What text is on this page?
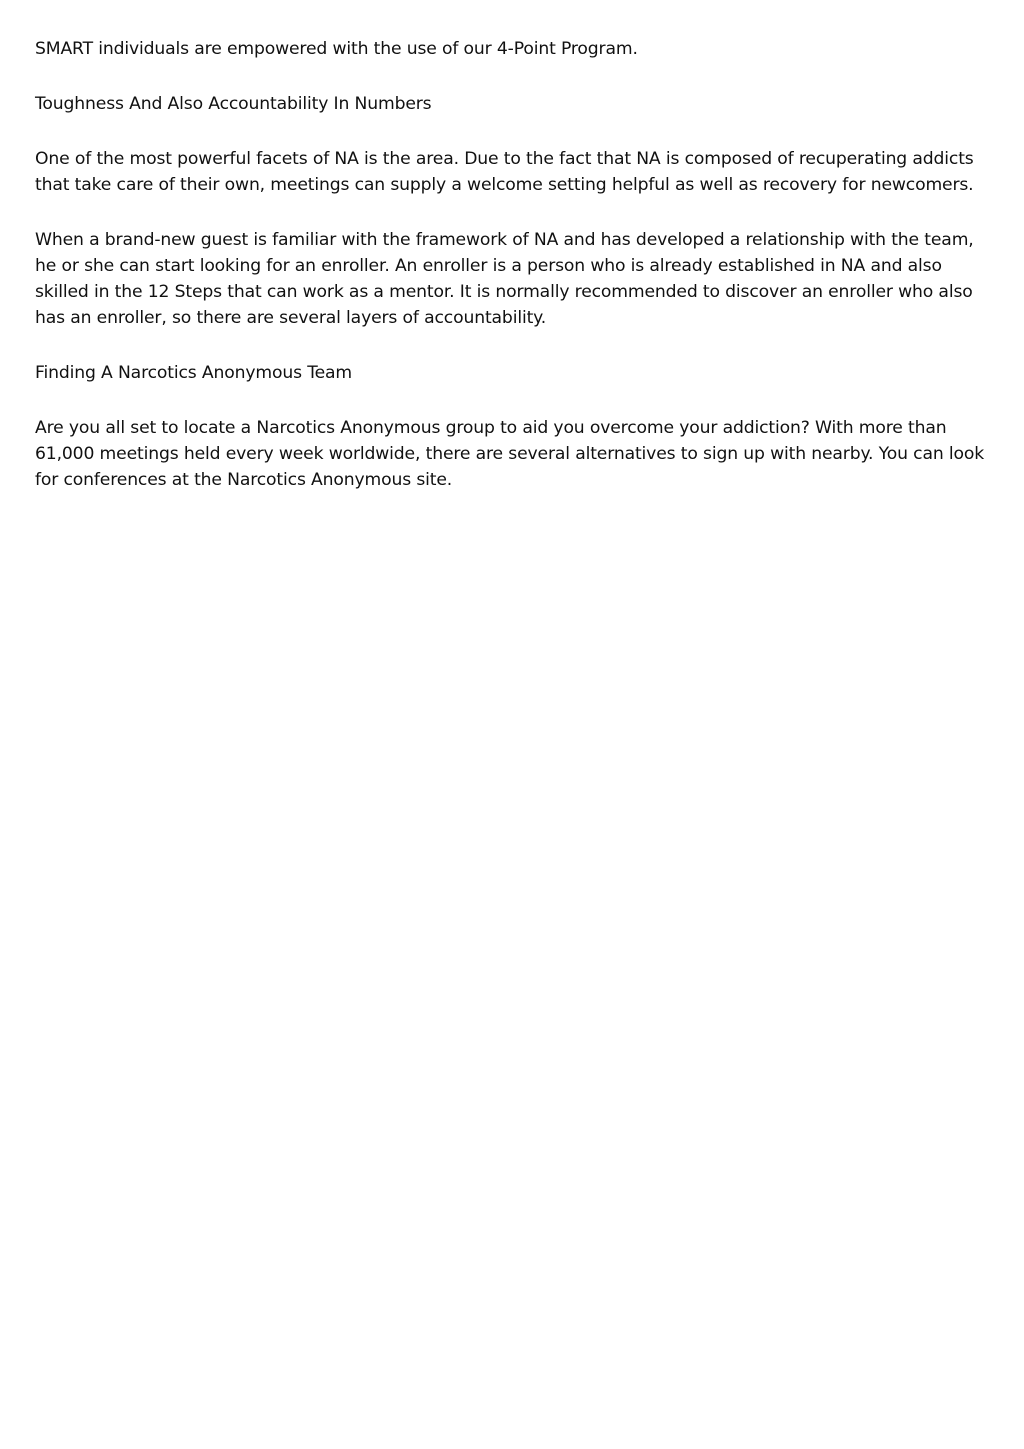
SMART individuals are empowered with the use of our 4-Point Program.

Toughness And Also Accountability In Numbers

One of the most powerful facets of NA is the area. Due to the fact that NA is composed of recuperating addicts that take care of their own, meetings can supply a welcome setting helpful as well as recovery for newcomers.

When a brand-new guest is familiar with the framework of NA and has developed a relationship with the team, he or she can start looking for an enroller. An enroller is a person who is already established in NA and also skilled in the 12 Steps that can work as a mentor. It is normally recommended to discover an enroller who also has an enroller, so there are several layers of accountability.

Finding A Narcotics Anonymous Team

Are you all set to locate a Narcotics Anonymous group to aid you overcome your addiction? With more than 61,000 meetings held every week worldwide, there are several alternatives to sign up with nearby. You can look for conferences at the Narcotics Anonymous site.
